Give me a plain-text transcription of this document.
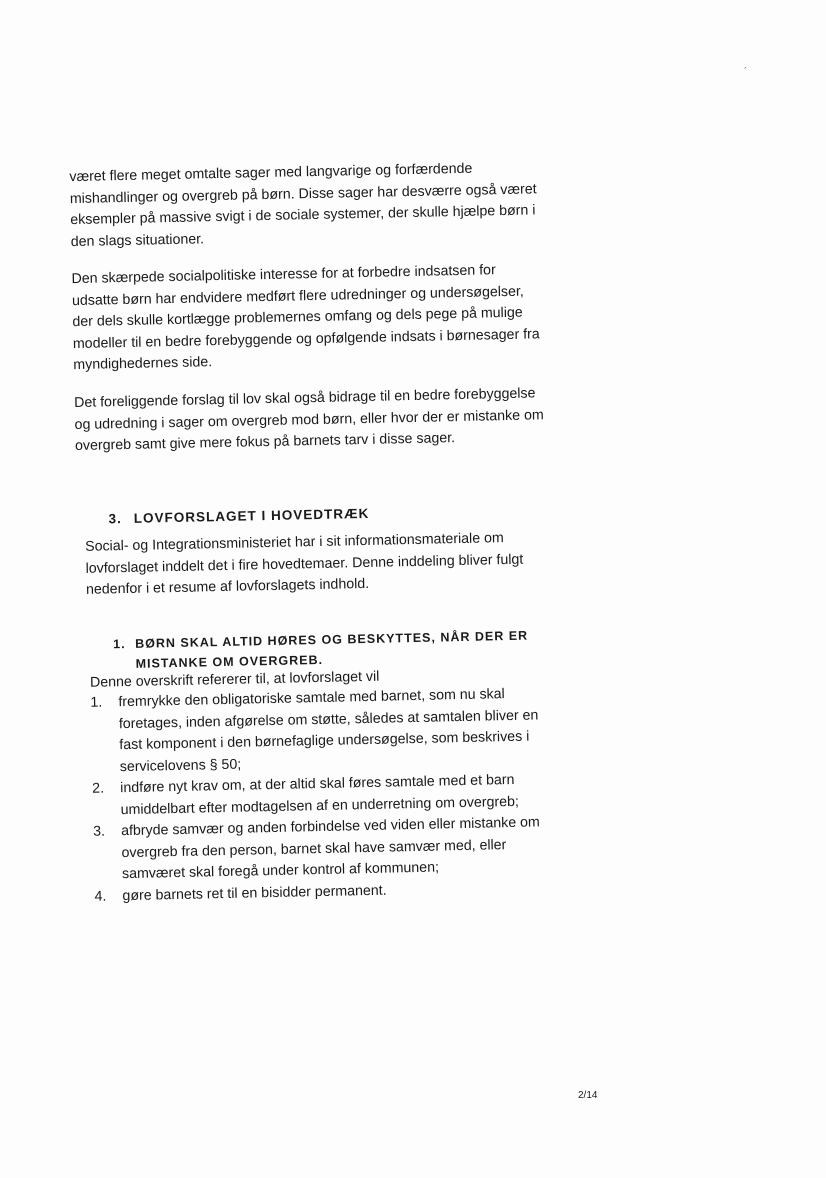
´

været flere meget omtalte sager med langvarige og forfærdende mishandlinger og overgreb på børn. Disse sager har desværre også været eksempler på massive svigt i de sociale systemer, der skulle hjælpe børn i den slags situationer.

Den skærpede socialpolitiske interesse for at forbedre indsatsen for udsatte børn har endvidere medført flere udredninger og undersøgelser, der dels skulle kortlægge problemernes omfang og dels pege på mulige modeller til en bedre forebyggende og opfølgende indsats i børnesager fra myndighedernes side.

Det foreliggende forslag til lov skal også bidrage til en bedre forebyggelse og udredning i sager om overgreb mod børn, eller hvor der er mistanke om overgreb samt give mere fokus på barnets tarv i disse sager.

3. LOVFORSLAGET I HOVEDTRÆK

Social- og Integrationsministeriet har i sit informationsmateriale om lovforslaget inddelt det i fire hovedtemaer. Denne inddeling bliver fulgt nedenfor i et resume af lovforslagets indhold.

1. BØRN SKAL ALTID HØRES OG BESKYTTES, NÅR DER ER
MISTANKE OM OVERGREB.

Denne overskrift refererer til, at lovforslaget vil

1. fremrykke den obligatoriske samtale med barnet, som nu skal foretages, inden afgørelse om støtte, således at samtalen bliver en fast komponent i den børnefaglige undersøgelse, som beskrives i servicelovens § 50;
2. indføre nyt krav om, at der altid skal føres samtale med et barn umiddelbart efter modtagelsen af en underretning om overgreb;
3. afbryde samvær og anden forbindelse ved viden eller mistanke om overgreb fra den person, barnet skal have samvær med, eller samværet skal foregå under kontrol af kommunen;
4. gøre barnets ret til en bisidder permanent.
2/14
